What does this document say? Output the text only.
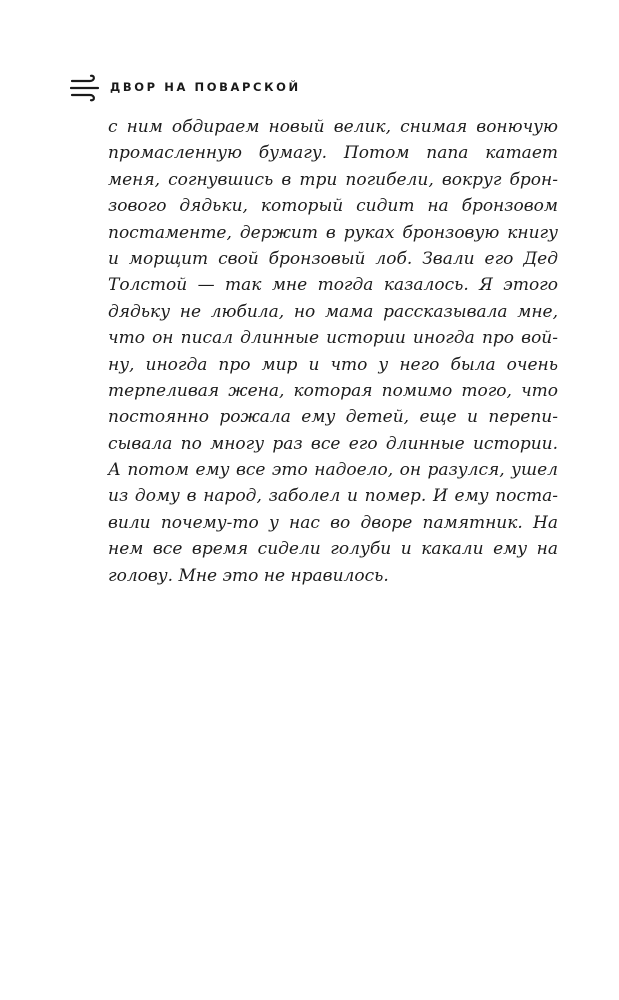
ДВОР НА ПОВАРСКОЙ
с ним обдираем новый велик, снимая вонючую
промасленную бумагу. Потом папа катает
меня, согнувшись в три погибели, вокруг брон-
зового дядьки, который сидит на бронзовом
постаменте, держит в руках бронзовую книгу
и морщит свой бронзовый лоб. Звали его Дед
Толстой — так мне тогда казалось. Я этого
дядьку не любила, но мама рассказывала мне,
что он писал длинные истории иногда про вой-
ну, иногда про мир и что у него была очень
терпеливая жена, которая помимо того, что
постоянно рожала ему детей, еще и перепи-
сывала по многу раз все его длинные истории.
А потом ему все это надоело, он разулся, ушел
из дому в народ, заболел и помер. И ему поста-
вили почему-то у нас во дворе памятник. На
нем все время сидели голуби и какали ему на
голову. Мне это не нравилось.
